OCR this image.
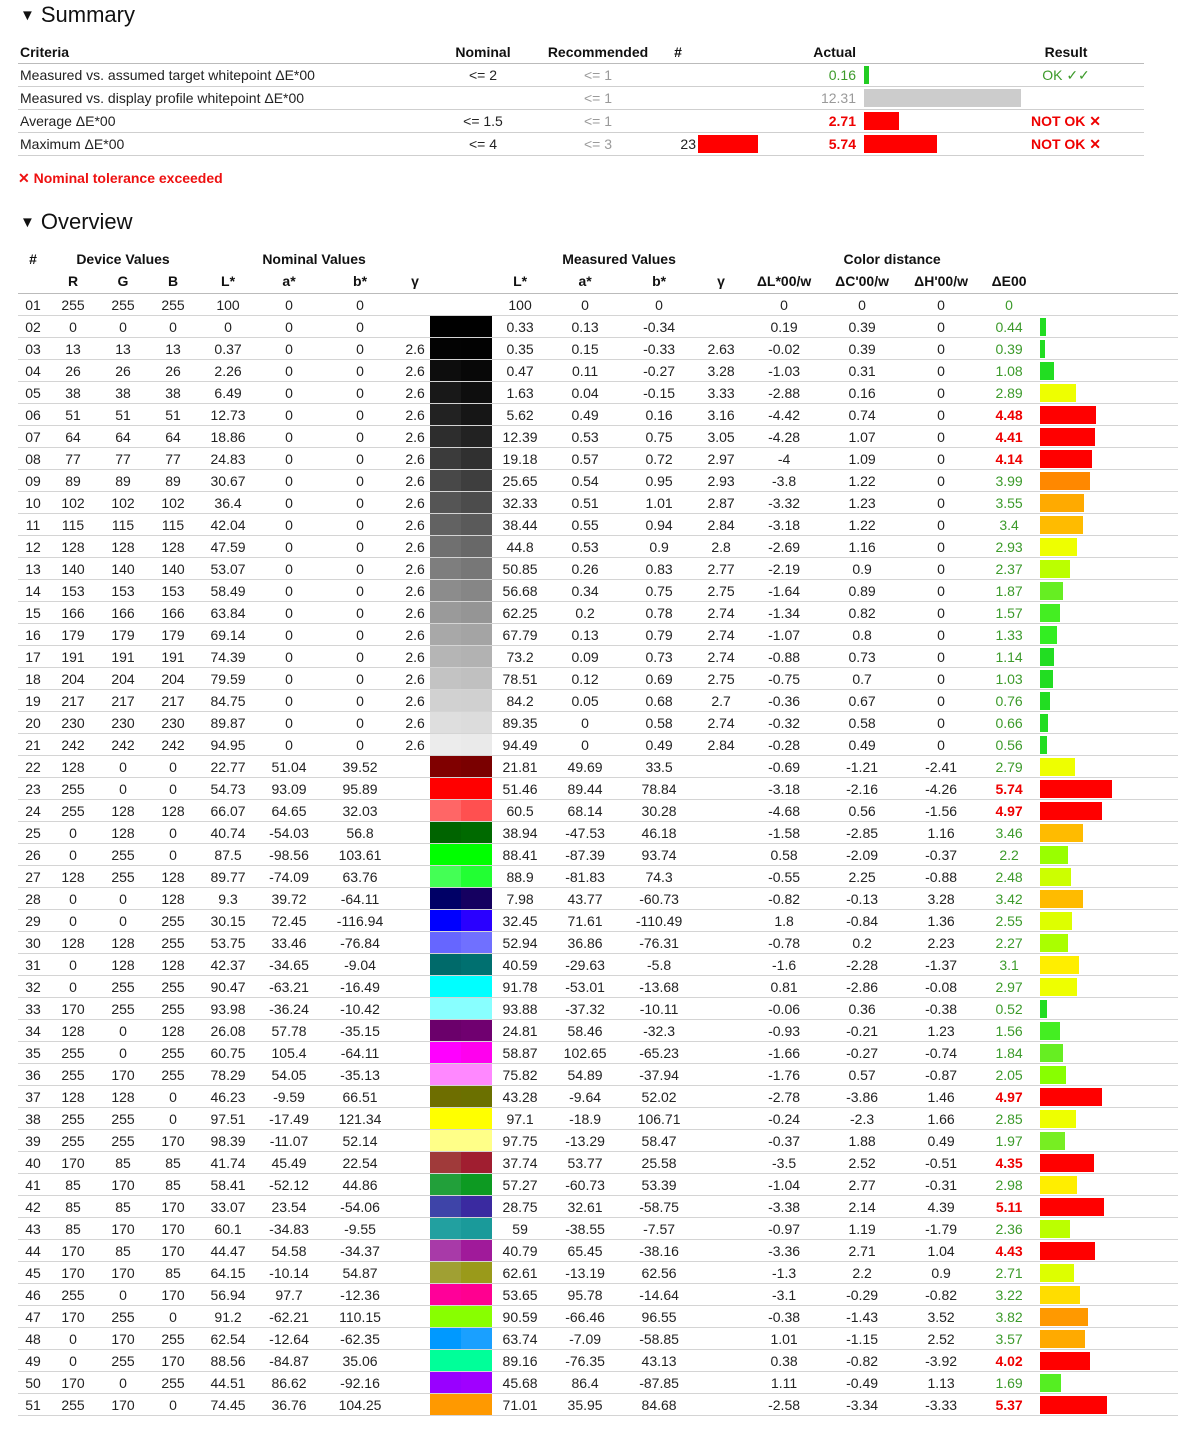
▼ Summary
Criteria	Nominal	Recommended	#		Actual		Result
Measured vs. assumed target whitepoint ΔE*00	<= 2	<= 1			0.16		OK ✓✓
Measured vs. display profile whitepoint ΔE*00		<= 1			12.31	

Average ΔE*00	<= 1.5	<= 1			2.71		NOT OK ✕
Maximum ΔE*00	<= 4	<= 3	23		5.74		NOT OK ✕
✕ Nominal tolerance exceeded
▼ Overview
#	Device Values			Nominal Values					Measured Values				Color distance				
	R	G	B	L*	a*	b*	γ		L*	a*	b*	γ	ΔL*00/w	ΔC'00/w	ΔH'00/w	ΔE00	
01	255	255	255	100	0	0			100	0	0		0	0	0	0	
02	0	0	0	0	0	0			0.33	0.13	-0.34		0.19	0.39	0	0.44	

03	13	13	13	0.37	0	0	2.6		0.35	0.15	-0.33	2.63	-0.02	0.39	0	0.39	

04	26	26	26	2.26	0	0	2.6		0.47	0.11	-0.27	3.28	-1.03	0.31	0	1.08	

05	38	38	38	6.49	0	0	2.6		1.63	0.04	-0.15	3.33	-2.88	0.16	0	2.89	

06	51	51	51	12.73	0	0	2.6		5.62	0.49	0.16	3.16	-4.42	0.74	0	4.48	

07	64	64	64	18.86	0	0	2.6		12.39	0.53	0.75	3.05	-4.28	1.07	0	4.41	

08	77	77	77	24.83	0	0	2.6		19.18	0.57	0.72	2.97	-4	1.09	0	4.14	

09	89	89	89	30.67	0	0	2.6		25.65	0.54	0.95	2.93	-3.8	1.22	0	3.99	

10	102	102	102	36.4	0	0	2.6		32.33	0.51	1.01	2.87	-3.32	1.23	0	3.55	

11	115	115	115	42.04	0	0	2.6		38.44	0.55	0.94	2.84	-3.18	1.22	0	3.4	

12	128	128	128	47.59	0	0	2.6		44.8	0.53	0.9	2.8	-2.69	1.16	0	2.93	

13	140	140	140	53.07	0	0	2.6		50.85	0.26	0.83	2.77	-2.19	0.9	0	2.37	

14	153	153	153	58.49	0	0	2.6		56.68	0.34	0.75	2.75	-1.64	0.89	0	1.87	

15	166	166	166	63.84	0	0	2.6		62.25	0.2	0.78	2.74	-1.34	0.82	0	1.57	

16	179	179	179	69.14	0	0	2.6		67.79	0.13	0.79	2.74	-1.07	0.8	0	1.33	

17	191	191	191	74.39	0	0	2.6		73.2	0.09	0.73	2.74	-0.88	0.73	0	1.14	

18	204	204	204	79.59	0	0	2.6		78.51	0.12	0.69	2.75	-0.75	0.7	0	1.03	

19	217	217	217	84.75	0	0	2.6		84.2	0.05	0.68	2.7	-0.36	0.67	0	0.76	

20	230	230	230	89.87	0	0	2.6		89.35	0	0.58	2.74	-0.32	0.58	0	0.66	

21	242	242	242	94.95	0	0	2.6		94.49	0	0.49	2.84	-0.28	0.49	0	0.56	

22	128	0	0	22.77	51.04	39.52			21.81	49.69	33.5		-0.69	-1.21	-2.41	2.79	

23	255	0	0	54.73	93.09	95.89			51.46	89.44	78.84		-3.18	-2.16	-4.26	5.74	

24	255	128	128	66.07	64.65	32.03			60.5	68.14	30.28		-4.68	0.56	-1.56	4.97	

25	0	128	0	40.74	-54.03	56.8			38.94	-47.53	46.18		-1.58	-2.85	1.16	3.46	

26	0	255	0	87.5	-98.56	103.61			88.41	-87.39	93.74		0.58	-2.09	-0.37	2.2	

27	128	255	128	89.77	-74.09	63.76			88.9	-81.83	74.3		-0.55	2.25	-0.88	2.48	

28	0	0	128	9.3	39.72	-64.11			7.98	43.77	-60.73		-0.82	-0.13	3.28	3.42	

29	0	0	255	30.15	72.45	-116.94			32.45	71.61	-110.49		1.8	-0.84	1.36	2.55	

30	128	128	255	53.75	33.46	-76.84			52.94	36.86	-76.31		-0.78	0.2	2.23	2.27	

31	0	128	128	42.37	-34.65	-9.04			40.59	-29.63	-5.8		-1.6	-2.28	-1.37	3.1	

32	0	255	255	90.47	-63.21	-16.49			91.78	-53.01	-13.68		0.81	-2.86	-0.08	2.97	

33	170	255	255	93.98	-36.24	-10.42			93.88	-37.32	-10.11		-0.06	0.36	-0.38	0.52	

34	128	0	128	26.08	57.78	-35.15			24.81	58.46	-32.3		-0.93	-0.21	1.23	1.56	

35	255	0	255	60.75	105.4	-64.11			58.87	102.65	-65.23		-1.66	-0.27	-0.74	1.84	

36	255	170	255	78.29	54.05	-35.13			75.82	54.89	-37.94		-1.76	0.57	-0.87	2.05	

37	128	128	0	46.23	-9.59	66.51			43.28	-9.64	52.02		-2.78	-3.86	1.46	4.97	

38	255	255	0	97.51	-17.49	121.34			97.1	-18.9	106.71		-0.24	-2.3	1.66	2.85	

39	255	255	170	98.39	-11.07	52.14			97.75	-13.29	58.47		-0.37	1.88	0.49	1.97	

40	170	85	85	41.74	45.49	22.54			37.74	53.77	25.58		-3.5	2.52	-0.51	4.35	

41	85	170	85	58.41	-52.12	44.86			57.27	-60.73	53.39		-1.04	2.77	-0.31	2.98	

42	85	85	170	33.07	23.54	-54.06			28.75	32.61	-58.75		-3.38	2.14	4.39	5.11	

43	85	170	170	60.1	-34.83	-9.55			59	-38.55	-7.57		-0.97	1.19	-1.79	2.36	

44	170	85	170	44.47	54.58	-34.37			40.79	65.45	-38.16		-3.36	2.71	1.04	4.43	

45	170	170	85	64.15	-10.14	54.87			62.61	-13.19	62.56		-1.3	2.2	0.9	2.71	

46	255	0	170	56.94	97.7	-12.36			53.65	95.78	-14.64		-3.1	-0.29	-0.82	3.22	

47	170	255	0	91.2	-62.21	110.15			90.59	-66.46	96.55		-0.38	-1.43	3.52	3.82	

48	0	170	255	62.54	-12.64	-62.35			63.74	-7.09	-58.85		1.01	-1.15	2.52	3.57	

49	0	255	170	88.56	-84.87	35.06			89.16	-76.35	43.13		0.38	-0.82	-3.92	4.02	

50	170	0	255	44.51	86.62	-92.16			45.68	86.4	-87.85		1.11	-0.49	1.13	1.69	

51	255	170	0	74.45	36.76	104.25			71.01	35.95	84.68		-2.58	-3.34	-3.33	5.37	
